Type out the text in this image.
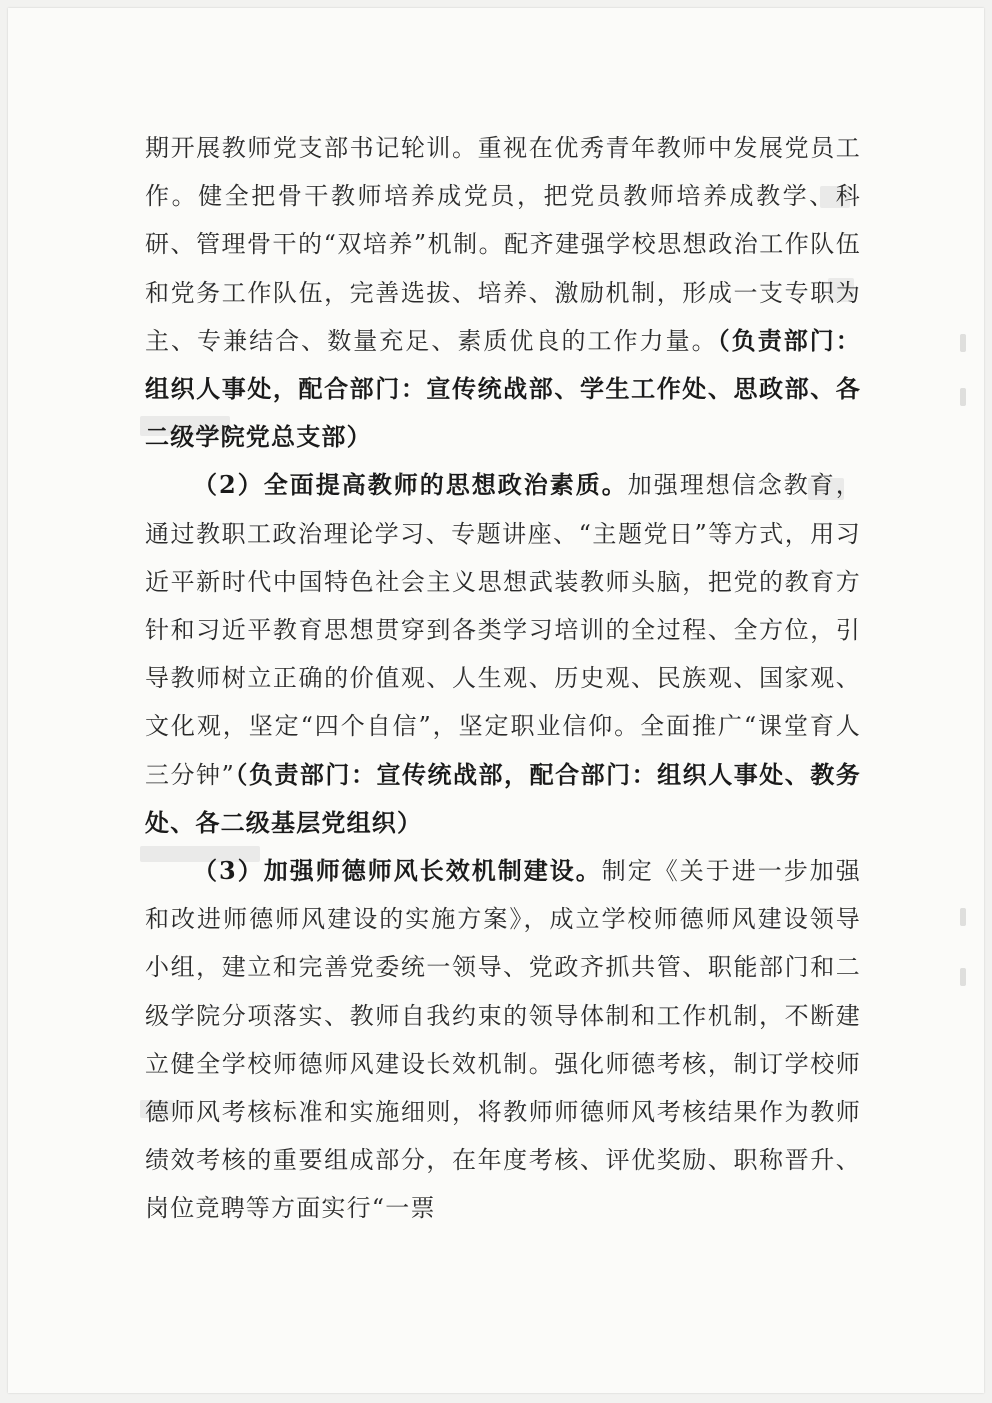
期开展教师党支部书记轮训。重视在优秀青年教师中发展党员工作。健全把骨干教师培养成党员，把党员教师培养成教学、科研、管理骨干的“双培养”机制。配齐建强学校思想政治工作队伍和党务工作队伍，完善选拔、培养、激励机制，形成一支专职为主、专兼结合、数量充足、素质优良的工作力量。（负责部门：组织人事处，配合部门：宣传统战部、学生工作处、思政部、各二级学院党总支部）

（2）全面提高教师的思想政治素质。加强理想信念教育，通过教职工政治理论学习、专题讲座、“主题党日”等方式，用习近平新时代中国特色社会主义思想武装教师头脑，把党的教育方针和习近平教育思想贯穿到各类学习培训的全过程、全方位，引导教师树立正确的价值观、人生观、历史观、民族观、国家观、文化观，坚定“四个自信”，坚定职业信仰。全面推广“课堂育人三分钟”（负责部门：宣传统战部，配合部门：组织人事处、教务处、各二级基层党组织）

（3）加强师德师风长效机制建设。制定《关于进一步加强和改进师德师风建设的实施方案》，成立学校师德师风建设领导小组，建立和完善党委统一领导、党政齐抓共管、职能部门和二级学院分项落实、教师自我约束的领导体制和工作机制，不断建立健全学校师德师风建设长效机制。强化师德考核，制订学校师德师风考核标准和实施细则，将教师师德师风考核结果作为教师绩效考核的重要组成部分，在年度考核、评优奖励、职称晋升、岗位竞聘等方面实行“一票
